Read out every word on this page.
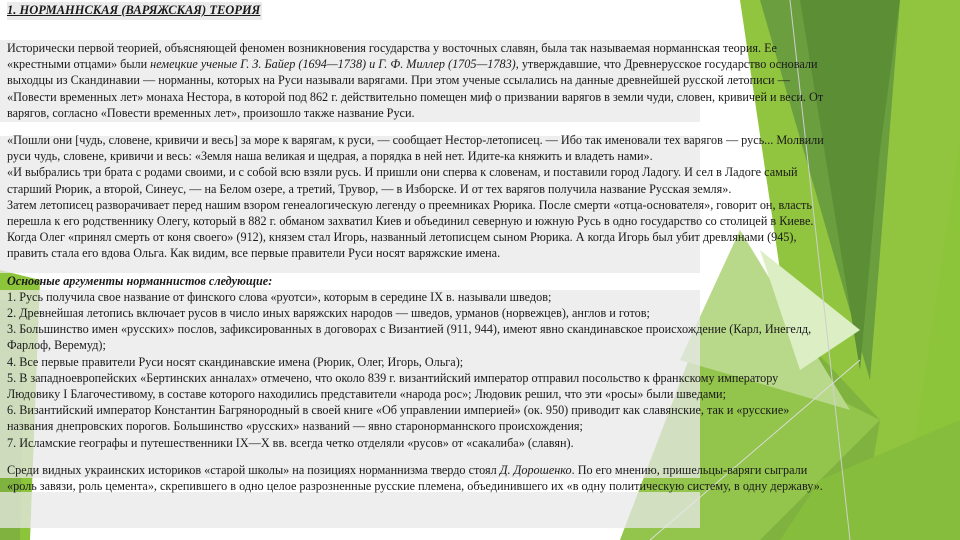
1. НОРМАННСКАЯ (ВАРЯЖСКАЯ) ТЕОРИЯ
Исторически первой теорией, объясняющей феномен возникновения государства у восточных славян, была так называемая норманнская теория. Ее
«крестными отцами» были немецкие ученые Г. З. Байер (1694—1738) и Г. Ф. Миллер (1705—1783), утверждавшие, что Древнерусское государство основали
выходцы из Скандинавии — норманны, которых на Руси называли варягами. При этом ученые ссылались на данные древнейшей русской летописи —
«Повести временных лет» монаха Нестора, в которой под 862 г. действительно помещен миф о призвании варягов в земли чуди, словен, кривичей и веси. От
варягов, согласно «Повести временных лет», произошло также название Руси.
«Пошли они [чудь, словене, кривичи и весь] за море к варягам, к руси, — сообщает Нестор-летописец. — Ибо так именовали тех варягов — русь... Молвили
руси чудь, словене, кривичи и весь: «Земля наша великая и щедрая, а порядка в ней нет. Идите-ка княжить и владеть нами».
«И выбрались три брата с родами своими, и с собой всю взяли русь. И пришли они сперва к словенам, и поставили город Ладогу. И сел в Ладоге самый
старший Рюрик, а второй, Синеус, — на Белом озере, а третий, Трувор, — в Изборске. И от тех варягов получила название Русская земля».
Затем летописец разворачивает перед нашим взором генеалогическую легенду о преемниках Рюрика. После смерти «отца-основателя», говорит он, власть
перешла к его родственнику Олегу, который в 882 г. обманом захватил Киев и объединил северную и южную Русь в одно государство со столицей в Киеве.
Когда Олег «принял смерть от коня своего» (912), князем стал Игорь, названный летописцем сыном Рюрика. А когда Игорь был убит древлянами (945),
править стала его вдова Ольга. Как видим, все первые правители Руси носят варяжские имена.
Основные аргументы норманнистов следующие:
1. Русь получила свое название от финского слова «руотси», которым в середине IX в. называли шведов;
2. Древнейшая летопись включает русов в число иных варяжских народов — шведов, урманов (норвежцев), англов и готов;
3. Большинство имен «русских» послов, зафиксированных в договорах с Византией (911, 944), имеют явно скандинавское происхождение (Карл, Инегелд,
Фарлоф, Веремуд);
4. Все первые правители Руси носят скандинавские имена (Рюрик, Олег, Игорь, Ольга);
5. В западноевропейских «Бертинских анналах» отмечено, что около 839 г. византийский император отправил посольство к франкскому императору
Людовику I Благочестивому, в составе которого находились представители «народа рос»; Людовик решил, что эти «росы» были шведами;
6. Византийский император Константин Багрянородный в своей книге «Об управлении империей» (ок. 950) приводит как славянские, так и «русские»
названия днепровских порогов. Большинство «русских» названий — явно старонорманнского происхождения;
7. Исламские географы и путешественники IX—X вв. всегда четко отделяли «русов» от «сакалиба» (славян).
Среди видных украинских историков «старой школы» на позициях норманнизма твердо стоял Д. Дорошенко. По его мнению, пришельцы-варяги сыграли
«роль завязи, роль цемента», скрепившего в одно целое разрозненные русские племена, объединившего их «в одну политическую систему, в одну державу».
